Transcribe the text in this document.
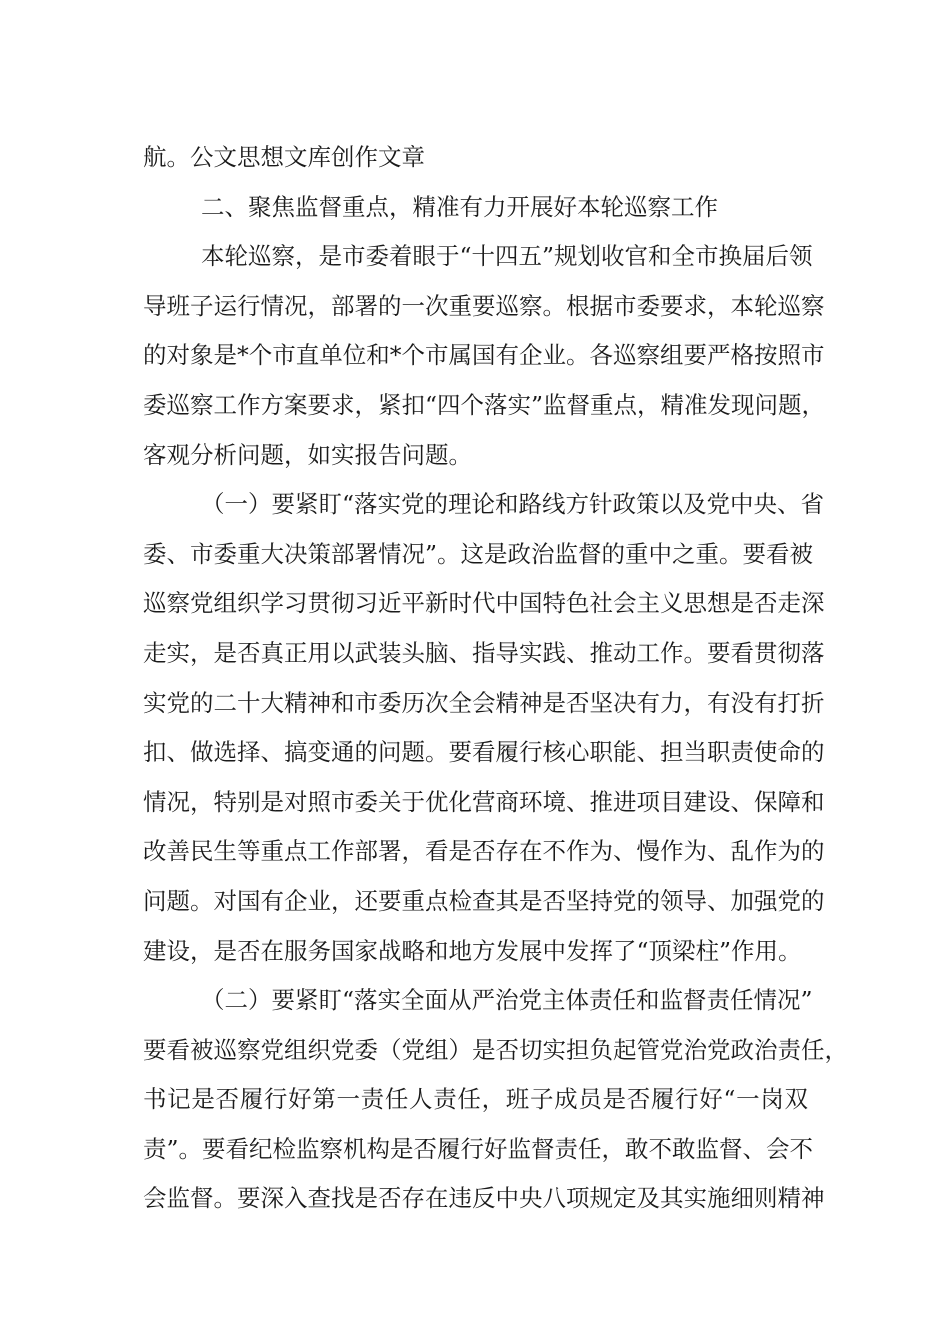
航。公文思想文库创作文章
二、聚焦监督重点，精准有力开展好本轮巡察工作
本轮巡察，是市委着眼于“十四五”规划收官和全市换届后领
导班子运行情况，部署的一次重要巡察。根据市委要求，本轮巡察
的对象是*个市直单位和*个市属国有企业。各巡察组要严格按照市
委巡察工作方案要求，紧扣“四个落实”监督重点，精准发现问题，
客观分析问题，如实报告问题。
（一）要紧盯“落实党的理论和路线方针政策以及党中央、省
委、市委重大决策部署情况”。这是政治监督的重中之重。要看被
巡察党组织学习贯彻习近平新时代中国特色社会主义思想是否走深
走实，是否真正用以武装头脑、指导实践、推动工作。要看贯彻落
实党的二十大精神和市委历次全会精神是否坚决有力，有没有打折
扣、做选择、搞变通的问题。要看履行核心职能、担当职责使命的
情况，特别是对照市委关于优化营商环境、推进项目建设、保障和
改善民生等重点工作部署，看是否存在不作为、慢作为、乱作为的
问题。对国有企业，还要重点检查其是否坚持党的领导、加强党的
建设，是否在服务国家战略和地方发展中发挥了“顶梁柱”作用。
（二）要紧盯“落实全面从严治党主体责任和监督责任情况”
要看被巡察党组织党委（党组）是否切实担负起管党治党政治责任，
书记是否履行好第一责任人责任，班子成员是否履行好“一岗双
责”。要看纪检监察机构是否履行好监督责任，敢不敢监督、会不
会监督。要深入查找是否存在违反中央八项规定及其实施细则精神
